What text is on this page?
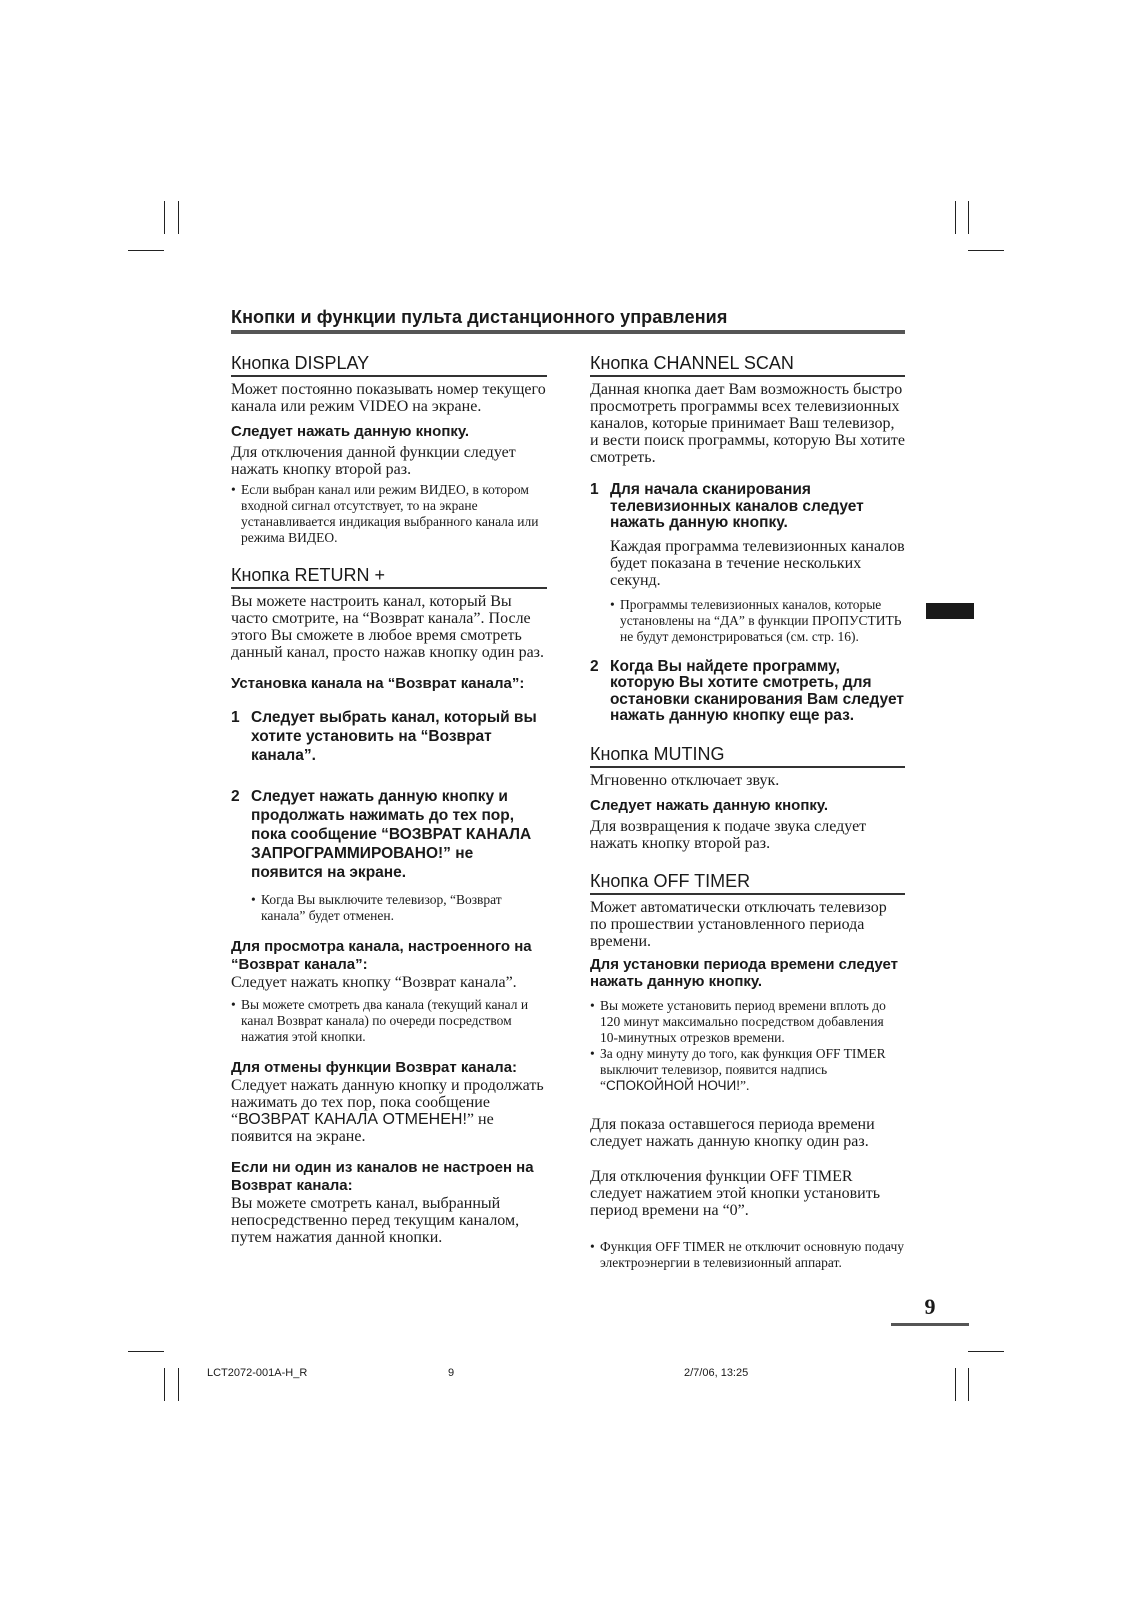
Кнопки и функции пульта дистанционного управления
Кнопка DISPLAY

Может постоянно показывать номер текущего канала или режим VIDEO на экране.

Следует нажать данную кнопку.

Для отключения данной функции следует нажать кнопку второй раз.

• Если выбран канал или режим ВИДЕО, в котором входной сигнал отсутствует, то на экране устанавливается индикация выбранного канала или режима ВИДЕО.
Кнопка RETURN +

Вы можете настроить канал, который Вы часто смотрите, на “Возврат канала”. После этого Вы сможете в любое время смотреть данный канал, просто нажав кнопку один раз.

Установка канала на “Возврат канала”:
1 Следует выбрать канал, который вы хотите установить на “Возврат канала”.
2 Следует нажать данную кнопку и продолжать нажимать до тех пор, пока сообщение “ВОЗВРАТ КАНАЛА ЗАПРОГРАММИРОВАНО!” не появится на экране.
• Когда Вы выключите телевизор, “Возврат канала” будет отменен.
Для просмотра канала, настроенного на “Возврат канала”:

Следует нажать кнопку “Возврат канала”.

• Вы можете смотреть два канала (текущий канал и канал Возврат канала) по очереди посредством нажатия этой кнопки.
Для отмены функции Возврат канала:

Следует нажать данную кнопку и продолжать нажимать до тех пор, пока сообщение “ВОЗВРАТ КАНАЛА ОТМЕНЕН!” не появится на экране.

Если ни один из каналов не настроен на Возврат канала:

Вы можете смотреть канал, выбранный непосредственно перед текущим каналом, путем нажатия данной кнопки.

Кнопка CHANNEL SCAN

Данная кнопка дает Вам возможность быстро просмотреть программы всех телевизионных каналов, которые принимает Ваш телевизор, и вести поиск программы, которую Вы хотите смотреть.

1 Для начала сканирования телевизионных каналов следует нажать данную кнопку.

Каждая программа телевизионных каналов будет показана в течение нескольких секунд.

• Программы телевизионных каналов, которые установлены на “ДА” в функции ПРОПУСТИТЬ не будут демонстрироваться (см. стр. 16).
2 Когда Вы найдете программу, которую Вы хотите смотреть, для остановки сканирования Вам следует нажать данную кнопку еще раз.
Кнопка MUTING

Мгновенно отключает звук.

Следует нажать данную кнопку.

Для возвращения к подаче звука следует нажать кнопку второй раз.

Кнопка OFF TIMER

Может автоматически отключать телевизор по прошествии установленного периода времени.

Для установки периода времени следует нажать данную кнопку.
• Вы можете установить период времени вплоть до 120 минут максимально посредством добавления 10-минутных отрезков времени.
• За одну минуту до того, как функция OFF TIMER выключит телевизор, появится надпись “СПОКОЙНОЙ НОЧИ!”.

Для показа оставшегося периода времени следует нажать данную кнопку один раз.

Для отключения функции OFF TIMER следует нажатием этой кнопки установить период времени на “0”.

• Функция OFF TIMER не отключит основную подачу электроэнергии в телевизионный аппарат.
9
LCT2072-001A-H_R	9	2/7/06, 13:25
